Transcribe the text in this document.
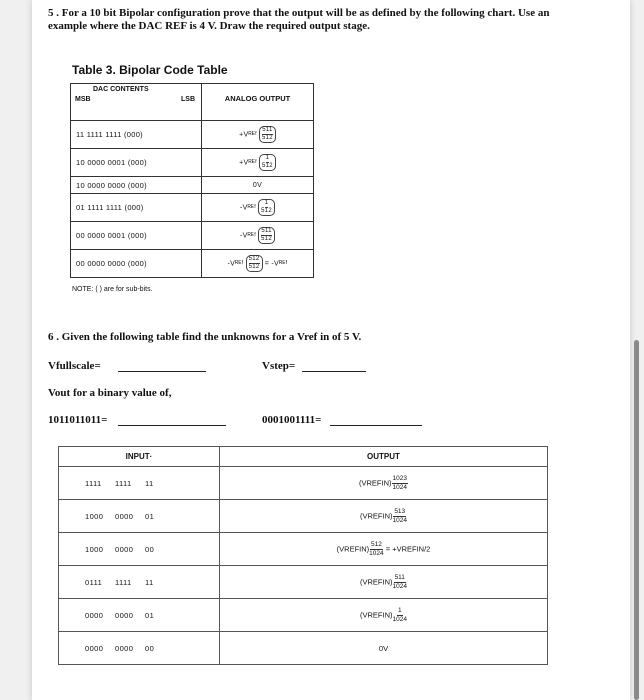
5 . For a 10 bit Bipolar configuration prove that the output will be as defined by the following chart. Use an example where the DAC REF is 4 V. Draw the required output stage.
Table 3. Bipolar Code Table
DAC CONTENTS
MSB LSB	ANALOG OUTPUT
11 1111 1111 (000)	+Vᴿᴱᶠ $\frac{511}{512}$

10 0000 0001 (000)	+Vᴿᴱᶠ $\frac{1}{512}$

10 0000 0000 (000)	0V
01 1111 1111 (000)	-Vᴿᴱᶠ $\frac{1}{512}$

00 0000 0001 (000)	-Vᴿᴱᶠ $\frac{511}{512}$

00 0000 0000 (000)	-Vᴿᴱᶠ $\frac{512}{512}$ = -Vᴿᴱᶠ
NOTE: ( ) are for sub-bits.
6 . Given the following table find the unknowns for a Vref in of 5 V.
Vfullscale=	Vstep=
Vout for a binary value of,
1011011011=	0001001111=
INPUT·	OUTPUT
1111 1111 11	(VREFIN) $\frac{1023}{1024}$

1000 0000 01	(VREFIN) $\frac{513}{1024}$

1000 0000 00	(VREFIN) $\frac{512}{1024}$ = +VREFIN/2
0111 1111 11	(VREFIN) $\frac{511}{1024}$

0000 0000 01	(VREFIN) $\frac{1}{1024}$

0000 0000 00	0V
